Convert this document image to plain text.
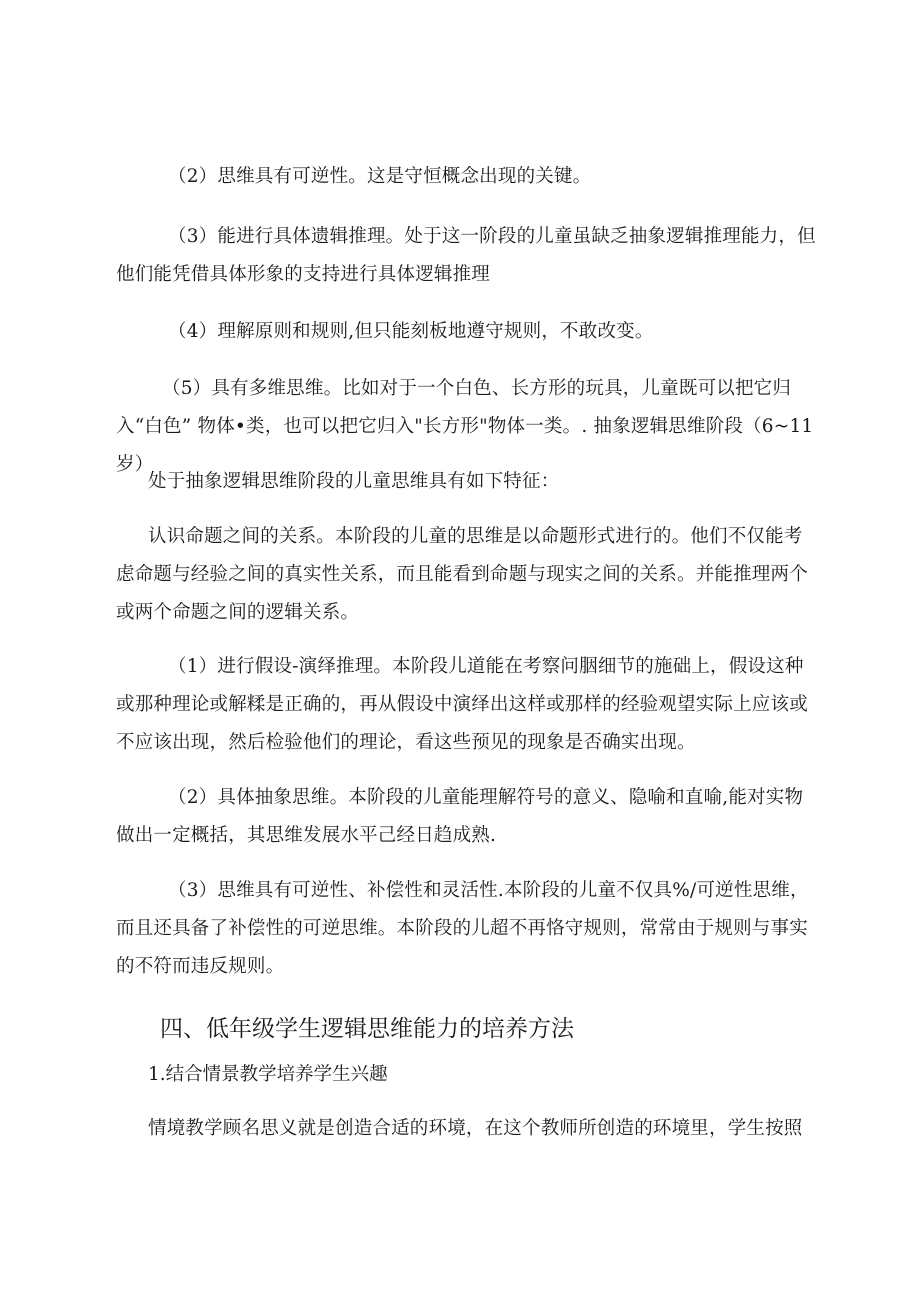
（2）思维具有可逆性。这是守恒概念出现的关键。

（3）能进行具体遗辑推理。处于这一阶段的儿童虽缺乏抽象逻辑推理能力，但他们能凭借具体形象的支持进行具体逻辑推理

（4）理解原则和规则,但只能刻板地遵守规则，不敢改变。

（5）具有多维思维。比如对于一个白色、长方形的玩具，儿童既可以把它归入“白色” 物体•类，也可以把它归入"长方形"物体一类。. 抽象逻辑思维阶段（6~11岁）

处于抽象逻辑思维阶段的儿童思维具有如下特征：

认识命题之间的关系。本阶段的儿童的思维是以命题形式进行的。他们不仅能考虑命题与经验之间的真实性关系，而且能看到命题与现实之间的关系。并能推理两个或两个命题之间的逻辑关系。

（1）进行假设-演绎推理。本阶段儿道能在考察问胭细节的施础上，假设这种或那种理论或解糅是正确的，再从假设中演绎出这样或那样的经验观望实际上应该或不应该出现，然后检验他们的理论，看这些预见的现象是否确实出现。

（2）具体抽象思维。本阶段的儿童能理解符号的意义、隐喻和直喻,能对实物做出一定概括，其思维发展水平己经日趋成熟.

（3）思维具有可逆性、补偿性和灵活性.本阶段的儿童不仅具%/可逆性思维，而且还具备了补偿性的可逆思维。本阶段的儿超不再恪守规则，常常由于规则与事实的不符而违反规则。

四、低年级学生逻辑思维能力的培养方法
1.结合情景教学培养学生兴趣

情境教学顾名思义就是创造合适的环境，在这个教师所创造的环境里，学生按照
